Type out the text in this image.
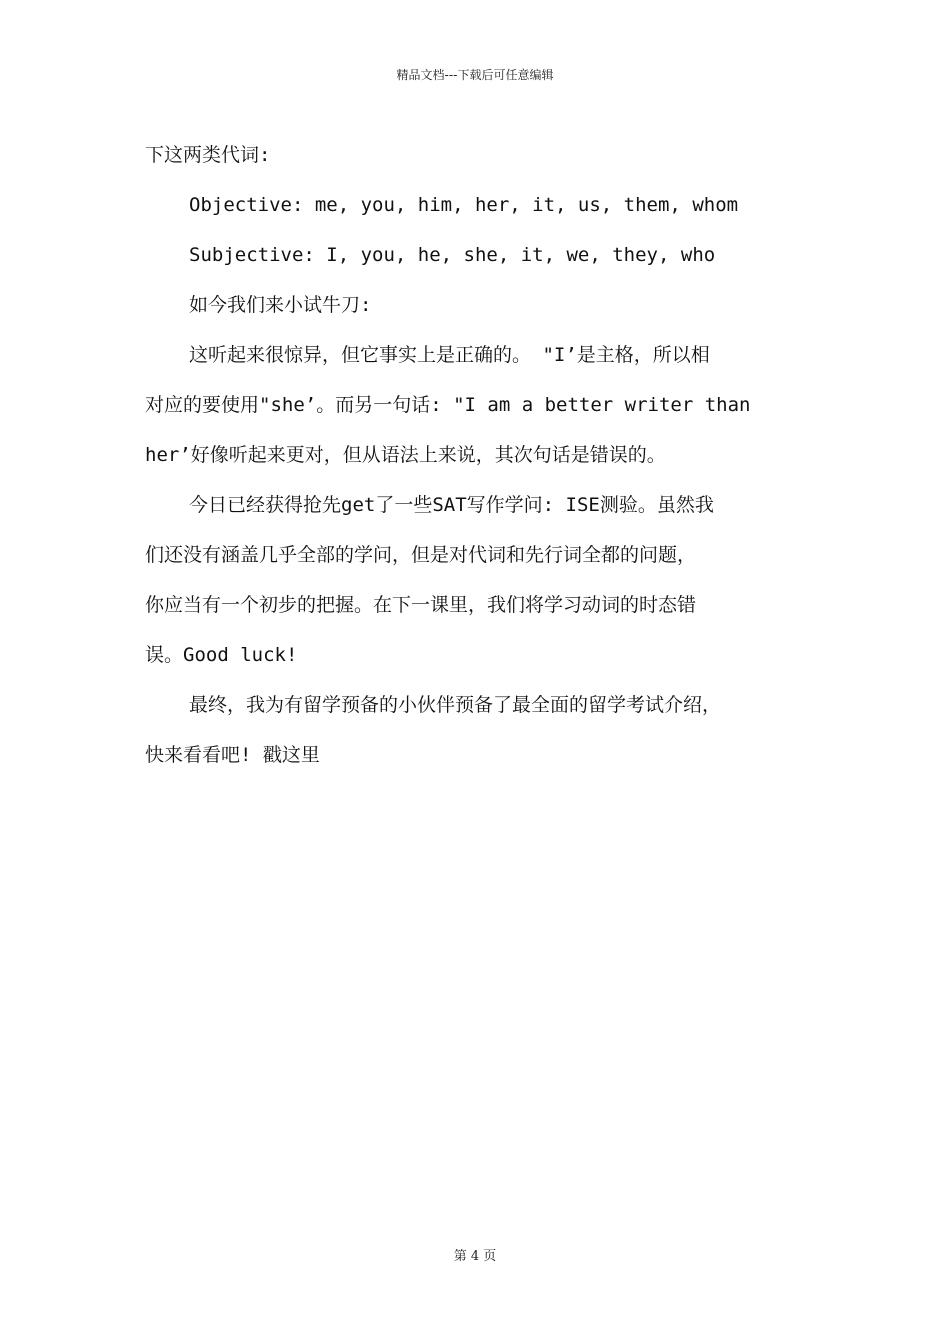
精品文档---下载后可任意编辑
下这两类代词:
Objective: me, you, him, her, it, us, them, whom
Subjective: I, you, he, she, it, we, they, who
如今我们来小试牛刀:
这听起来很惊异，但它事实上是正确的。 "I’是主格，所以相
对应的要使用"she’。而另一句话: "I am a better writer than
her’好像听起来更对，但从语法上来说，其次句话是错误的。
今日已经获得抢先get了一些SAT写作学问: ISE测验。虽然我
们还没有涵盖几乎全部的学问，但是对代词和先行词全都的问题，
你应当有一个初步的把握。在下一课里，我们将学习动词的时态错
误。Good luck!
最终，我为有留学预备的小伙伴预备了最全面的留学考试介绍，
快来看看吧! 戳这里
第 4 页
